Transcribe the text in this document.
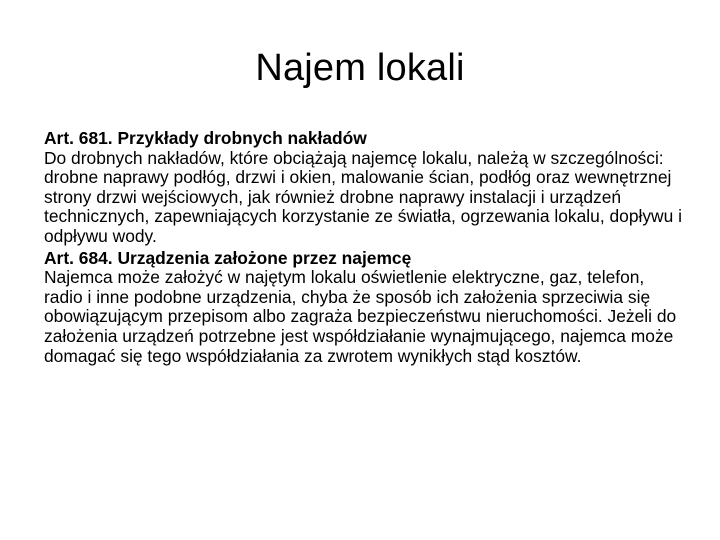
Najem lokali
Art. 681. Przykłady drobnych nakładów
Do drobnych nakładów, które obciążają najemcę lokalu, należą w szczególności: drobne naprawy podłóg, drzwi i okien, malowanie ścian, podłóg oraz wewnętrznej strony drzwi wejściowych, jak również drobne naprawy instalacji i urządzeń technicznych, zapewniających korzystanie ze światła, ogrzewania lokalu, dopływu i odpływu wody.
Art. 684. Urządzenia założone przez najemcę
Najemca może założyć w najętym lokalu oświetlenie elektryczne, gaz, telefon, radio i inne podobne urządzenia, chyba że sposób ich założenia sprzeciwia się obowiązującym przepisom albo zagraża bezpieczeństwu nieruchomości. Jeżeli do założenia urządzeń potrzebne jest współdziałanie wynajmującego, najemca może domagać się tego współdziałania za zwrotem wynikłych stąd kosztów.
